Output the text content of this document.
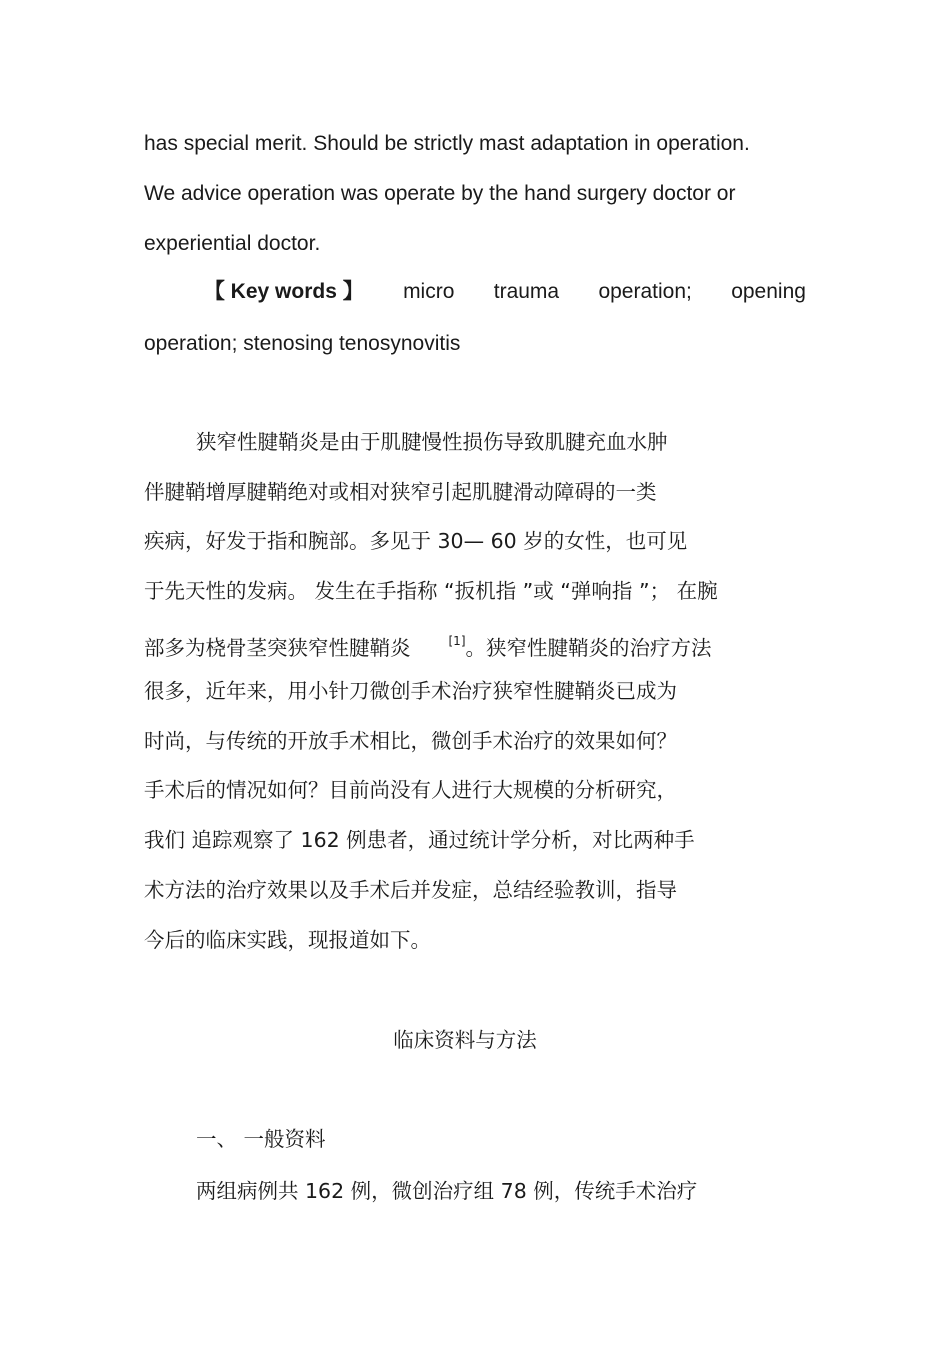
has special merit. Should be strictly mast adaptation in operation.

We advice operation was operate by the hand surgery doctor or

experiential doctor.

【 Key words 】 micro trauma operation; opening

operation; stenosing tenosynovitis

狭窄性腱鞘炎是由于肌腱慢性损伤导致肌腱充血水肿

伴腱鞘增厚腱鞘绝对或相对狭窄引起肌腱滑动障碍的一类

疾病，好发于指和腕部。多见于 30— 60 岁的女性，也可见

于先天性的发病。 发生在手指称 “扳机指 ”或 “弹响指 ”； 在腕

部多为桡骨茎突狭窄性腱鞘炎	[1]。狭窄性腱鞘炎的治疗方法

很多，近年来，用小针刀微创手术治疗狭窄性腱鞘炎已成为

时尚，与传统的开放手术相比，微创手术治疗的效果如何？

手术后的情况如何？目前尚没有人进行大规模的分析研究，

我们 追踪观察了 162 例患者，通过统计学分析，对比两种手

术方法的治疗效果以及手术后并发症，总结经验教训，指导

今后的临床实践，现报道如下。

临床资料与方法

一、 一般资料

两组病例共 162 例，微创治疗组 78 例，传统手术治疗
